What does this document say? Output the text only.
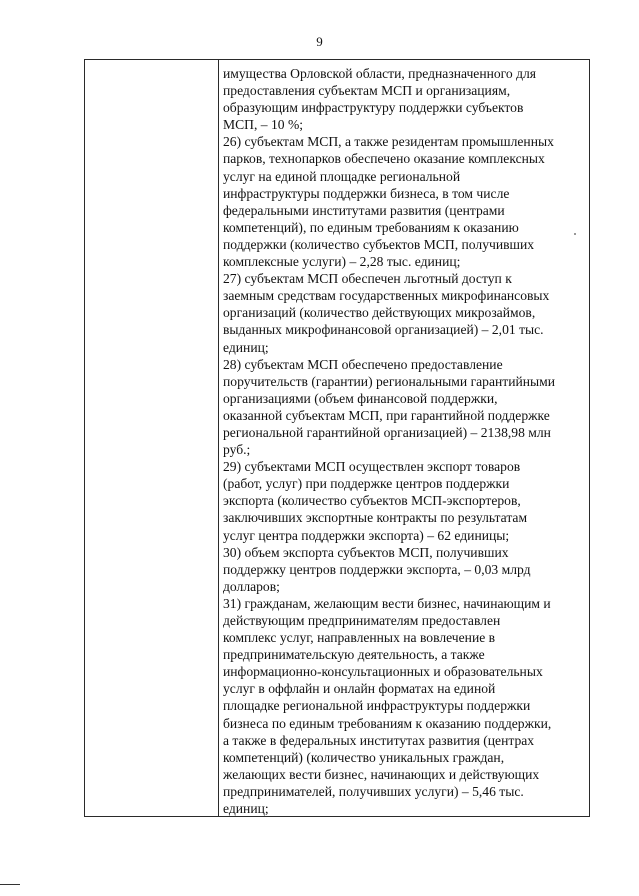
9
имущества Орловской области, предназначенного для
предоставления субъектам МСП и организациям,
образующим инфраструктуру поддержки субъектов
МСП, – 10 %;
26) субъектам МСП, а также резидентам промышленных
парков, технопарков обеспечено оказание комплексных
услуг на единой площадке региональной
инфраструктуры поддержки бизнеса, в том числе
федеральными институтами развития (центрами
компетенций), по единым требованиям к оказанию
поддержки (количество субъектов МСП, получивших
комплексные услуги) – 2,28 тыс. единиц;
27) субъектам МСП обеспечен льготный доступ к
заемным средствам государственных микрофинансовых
организаций (количество действующих микрозаймов,
выданных микрофинансовой организацией) – 2,01 тыс.
единиц;
28) субъектам МСП обеспечено предоставление
поручительств (гарантии) региональными гарантийными
организациями (объем финансовой поддержки,
оказанной субъектам МСП, при гарантийной поддержке
региональной гарантийной организацией) – 2138,98 млн
руб.;
29) субъектами МСП осуществлен экспорт товаров
(работ, услуг) при поддержке центров поддержки
экспорта (количество субъектов МСП-экспортеров,
заключивших экспортные контракты по результатам
услуг центра поддержки экспорта) – 62 единицы;
30) объем экспорта субъектов МСП, получивших
поддержку центров поддержки экспорта, – 0,03 млрд
долларов;
31) гражданам, желающим вести бизнес, начинающим и
действующим предпринимателям предоставлен
комплекс услуг, направленных на вовлечение в
предпринимательскую деятельность, а также
информационно-консультационных и образовательных
услуг в оффлайн и онлайн форматах на единой
площадке региональной инфраструктуры поддержки
бизнеса по единым требованиям к оказанию поддержки,
а также в федеральных институтах развития (центрах
компетенций) (количество уникальных граждан,
желающих вести бизнес, начинающих и действующих
предпринимателей, получивших услуги) – 5,46 тыс.
единиц;
